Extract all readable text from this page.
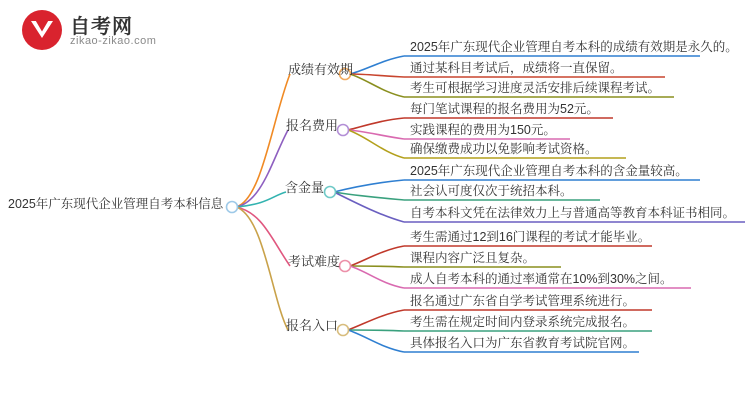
自考网
zikao-zikao.com
2025年广东现代企业管理自考本科信息
成绩有效期
报名费用
含金量
考试难度
报名入口
2025年广东现代企业管理自考本科的成绩有效期是永久的。
通过某科目考试后，成绩将一直保留。
考生可根据学习进度灵活安排后续课程考试。
每门笔试课程的报名费用为52元。
实践课程的费用为150元。
确保缴费成功以免影响考试资格。
2025年广东现代企业管理自考本科的含金量较高。
社会认可度仅次于统招本科。
自考本科文凭在法律效力上与普通高等教育本科证书相同。
考生需通过12到16门课程的考试才能毕业。
课程内容广泛且复杂。
成人自考本科的通过率通常在10%到30%之间。
报名通过广东省自学考试管理系统进行。
考生需在规定时间内登录系统完成报名。
具体报名入口为广东省教育考试院官网。
